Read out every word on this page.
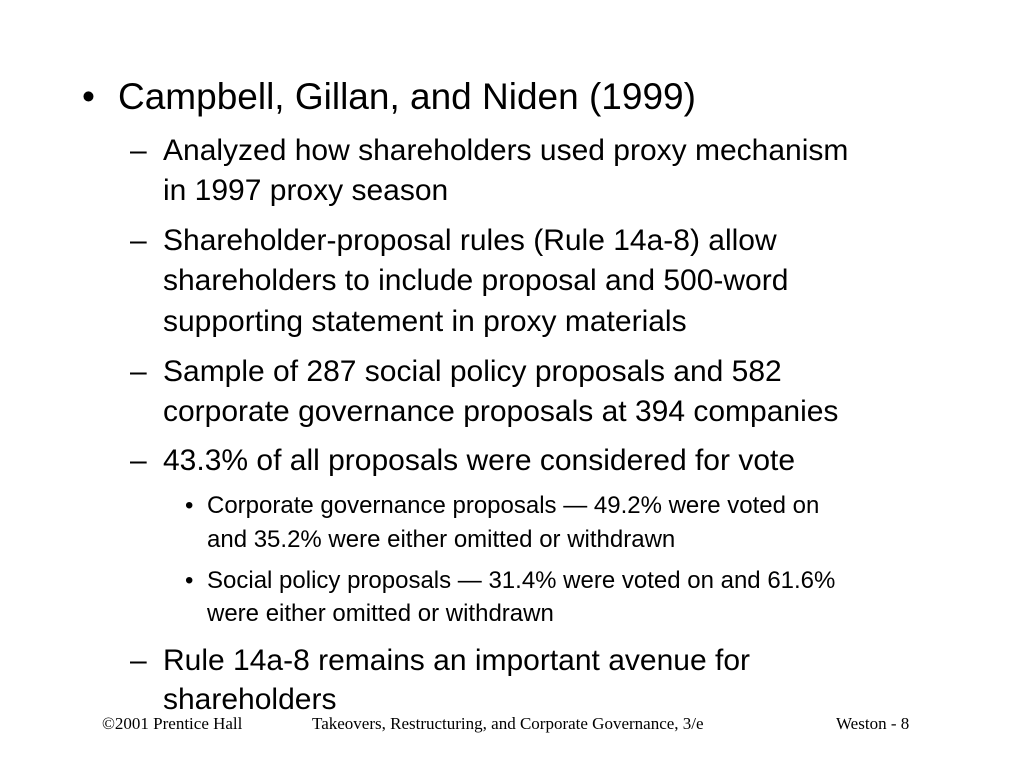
• Campbell, Gillan, and Niden (1999)
– Analyzed how shareholders used proxy mechanism
in 1997 proxy season
– Shareholder-proposal rules (Rule 14a-8) allow
shareholders to include proposal and 500-word
supporting statement in proxy materials
– Sample of 287 social policy proposals and 582
corporate governance proposals at 394 companies
– 43.3% of all proposals were considered for vote
• Corporate governance proposals — 49.2% were voted on
and 35.2% were either omitted or withdrawn
• Social policy proposals — 31.4% were voted on and 61.6%
were either omitted or withdrawn
– Rule 14a-8 remains an important avenue for
shareholders
©2001 Prentice Hall	Takeovers, Restructuring, and Corporate Governance, 3/e	Weston - 8
